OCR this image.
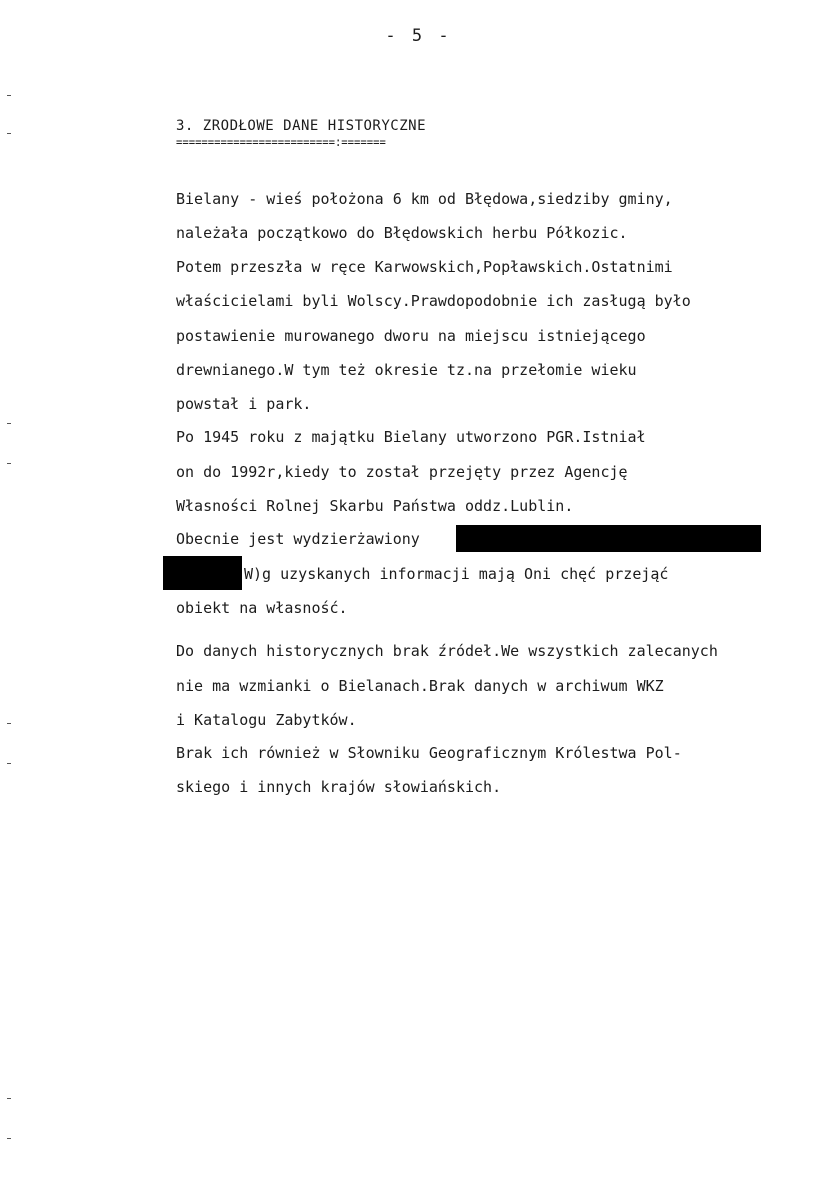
- 5 -
3. ZRODŁOWE DANE HISTORYCZNE
=========================:=======
Bielany - wieś położona 6 km od Błędowa,siedziby gminy,
należała początkowo do Błędowskich herbu Półkozic.
Potem przeszła w ręce Karwowskich,Popławskich.Ostatnimi
właścicielami byli Wolscy.Prawdopodobnie ich zasługą było
postawienie murowanego dworu na miejscu istniejącego
drewnianego.W tym też okresie tz.na przełomie wieku
powstał i park.
Po 1945 roku z majątku Bielany utworzono PGR.Istniał
on do 1992r,kiedy to został przejęty przez Agencję
Własności Rolnej Skarbu Państwa oddz.Lublin.
Obecnie jest wydzierżawiony
W)g uzyskanych informacji mają Oni chęć przejąć
obiekt na własność.
Do danych historycznych brak źródeł.We wszystkich zalecanych
nie ma wzmianki o Bielanach.Brak danych w archiwum WKZ
i Katalogu Zabytków.
Brak ich również w Słowniku Geograficznym Królestwa Pol-
skiego i innych krajów słowiańskich.
